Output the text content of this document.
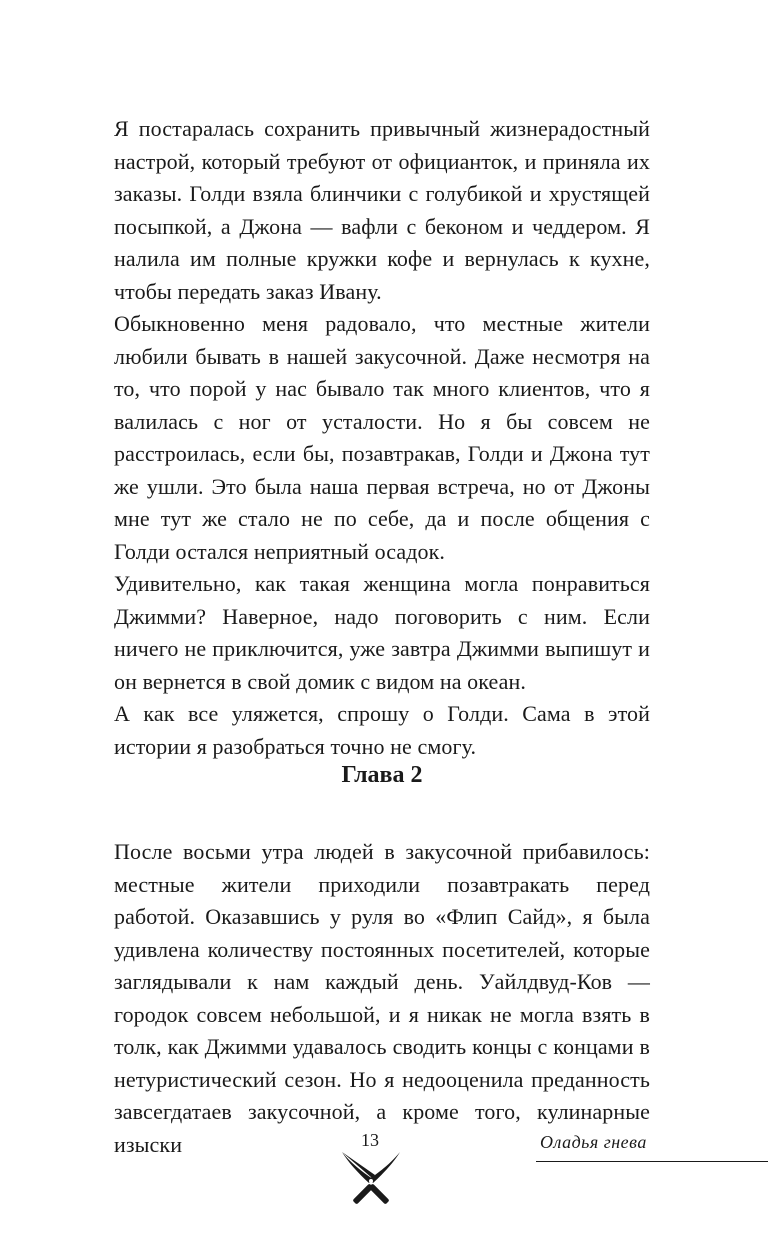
Я постаралась сохранить привычный жизнерадостный настрой, который требуют от официанток, и приняла их заказы. Голди взяла блинчики с голубикой и хрустящей посыпкой, а Джона — вафли с беконом и чеддером. Я налила им полные кружки кофе и вернулась к кухне, чтобы передать заказ Ивану.

Обыкновенно меня радовало, что местные жители любили бывать в нашей закусочной. Даже несмотря на то, что порой у нас бывало так много клиентов, что я валилась с ног от усталости. Но я бы совсем не расстроилась, если бы, позавтракав, Голди и Джона тут же ушли. Это была наша первая встреча, но от Джоны мне тут же стало не по себе, да и после общения с Голди остался неприятный осадок.

Удивительно, как такая женщина могла понравиться Джимми? Наверное, надо поговорить с ним. Если ничего не приключится, уже завтра Джимми выпишут и он вернется в свой домик с видом на океан.

А как все уляжется, спрошу о Голди. Сама в этой истории я разобраться точно не смогу.

Глава 2

После восьми утра людей в закусочной прибавилось: местные жители приходили позавтракать перед работой. Оказавшись у руля во «Флип Сайд», я была удивлена количеству постоянных посетителей, которые заглядывали к нам каждый день. Уайлдвуд-Ков — городок совсем небольшой, и я никак не могла взять в толк, как Джимми удавалось сводить концы с концами в нетуристический сезон. Но я недооценила преданность завсегдатаев закусочной, а кроме того, кулинарные изыски	13	Оладья гнева
